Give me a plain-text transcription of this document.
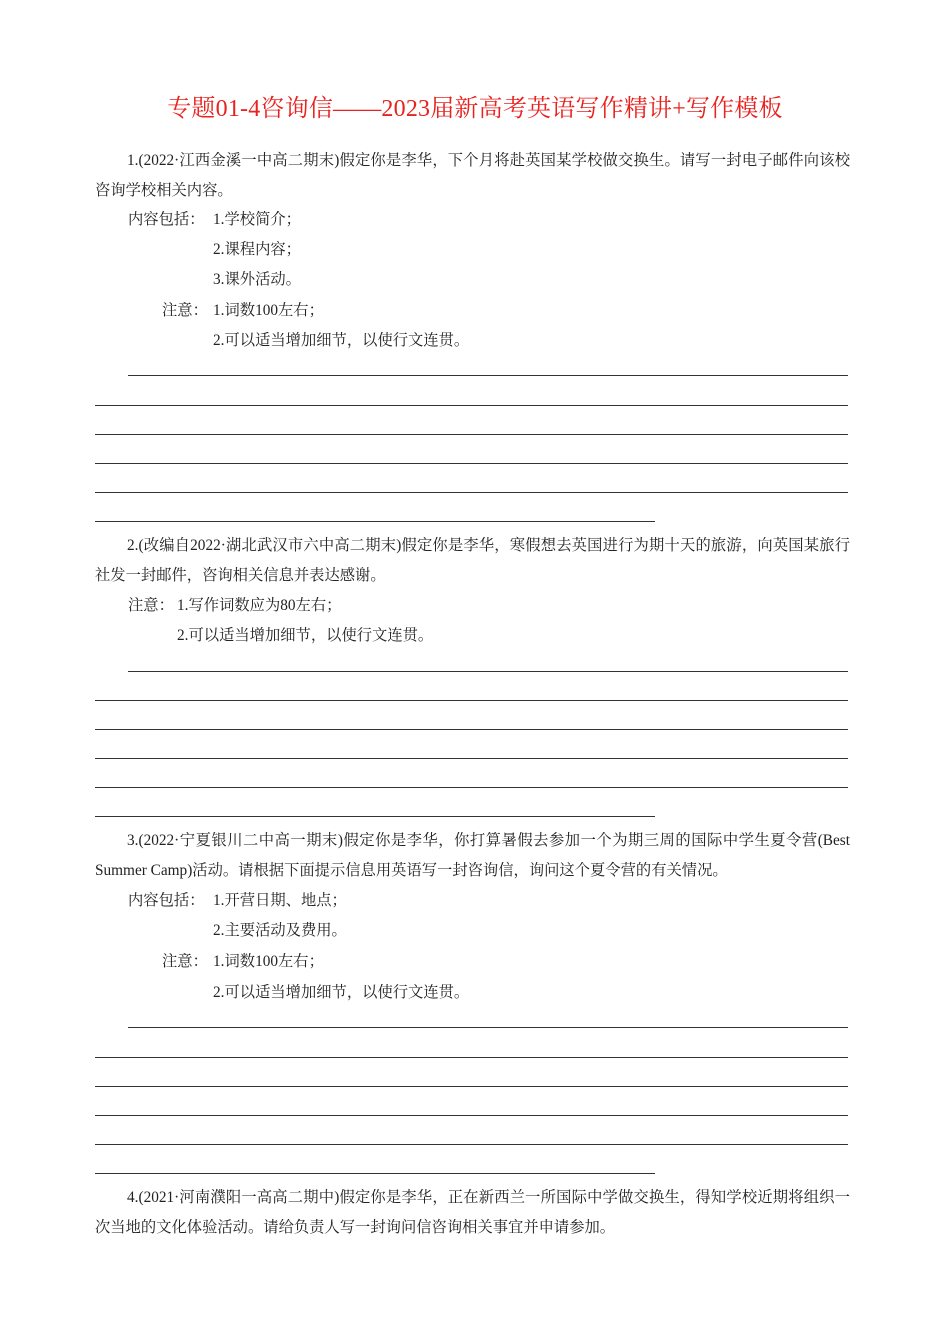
专题01-4咨询信——2023届新高考英语写作精讲+写作模板
1.(2022·江西金溪一中高二期末)假定你是李华，下个月将赴英国某学校做交换生。请写一封电子邮件向该校咨询学校相关内容。
内容包括： 1.学校简介；
2.课程内容；
3.课外活动。
注意： 1.词数100左右；
2.可以适当增加细节，以使行文连贯。
2.(改编自2022·湖北武汉市六中高二期末)假定你是李华，寒假想去英国进行为期十天的旅游，向英国某旅行社发一封邮件，咨询相关信息并表达感谢。
注意： 1.写作词数应为80左右；
2.可以适当增加细节，以使行文连贯。
3.(2022·宁夏银川二中高一期末)假定你是李华，你打算暑假去参加一个为期三周的国际中学生夏令营(Best Summer Camp)活动。请根据下面提示信息用英语写一封咨询信，询问这个夏令营的有关情况。
内容包括： 1.开营日期、地点；
2.主要活动及费用。
注意： 1.词数100左右；
2.可以适当增加细节，以使行文连贯。
4.(2021·河南濮阳一高高二期中)假定你是李华，正在新西兰一所国际中学做交换生，得知学校近期将组织一次当地的文化体验活动。请给负责人写一封询问信咨询相关事宜并申请参加。
